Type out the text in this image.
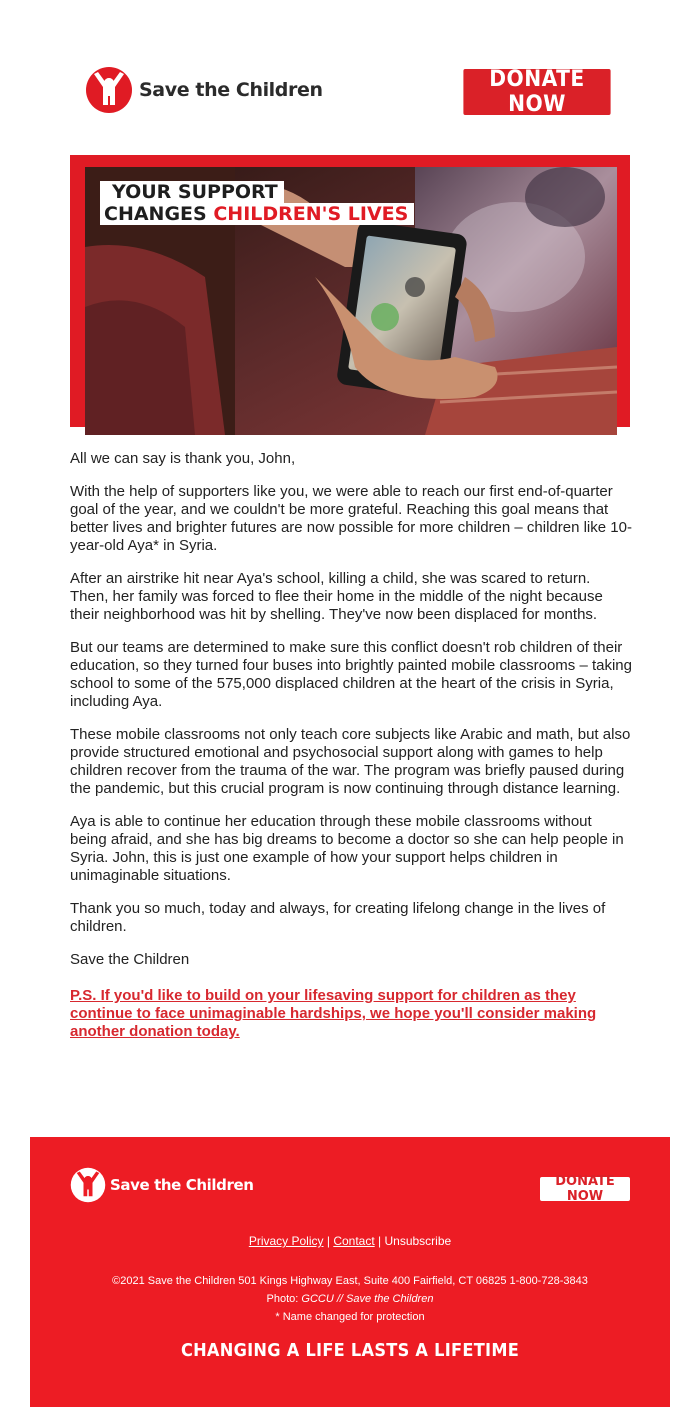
Save the Children	DONATE NOW
YOUR SUPPORT
CHANGES CHILDREN'S LIVES

All we can say is thank you, John,

With the help of supporters like you, we were able to reach our first end-of-quarter goal of the year, and we couldn't be more grateful. Reaching this goal means that better lives and brighter futures are now possible for more children – children like 10-year-old Aya* in Syria.

After an airstrike hit near Aya's school, killing a child, she was scared to return. Then, her family was forced to flee their home in the middle of the night because their neighborhood was hit by shelling. They've now been displaced for months.

But our teams are determined to make sure this conflict doesn't rob children of their education, so they turned four buses into brightly painted mobile classrooms – taking school to some of the 575,000 displaced children at the heart of the crisis in Syria, including Aya.

These mobile classrooms not only teach core subjects like Arabic and math, but also provide structured emotional and psychosocial support along with games to help children recover from the trauma of the war. The program was briefly paused during the pandemic, but this crucial program is now continuing through distance learning.

Aya is able to continue her education through these mobile classrooms without being afraid, and she has big dreams to become a doctor so she can help people in Syria. John, this is just one example of how your support helps children in unimaginable situations.

Thank you so much, today and always, for creating lifelong change in the lives of children.

Save the Children

P.S. If you'd like to build on your lifesaving support for children as they continue to face unimaginable hardships, we hope you'll consider making another donation today.
Save the Children	DONATE NOW
Privacy Policy | Contact | Unsubscribe
©2021 Save the Children 501 Kings Highway East, Suite 400 Fairfield, CT 06825 1-800-728-3843
Photo: GCCU // Save the Children
* Name changed for protection
CHANGING A LIFE LASTS A LIFETIME
